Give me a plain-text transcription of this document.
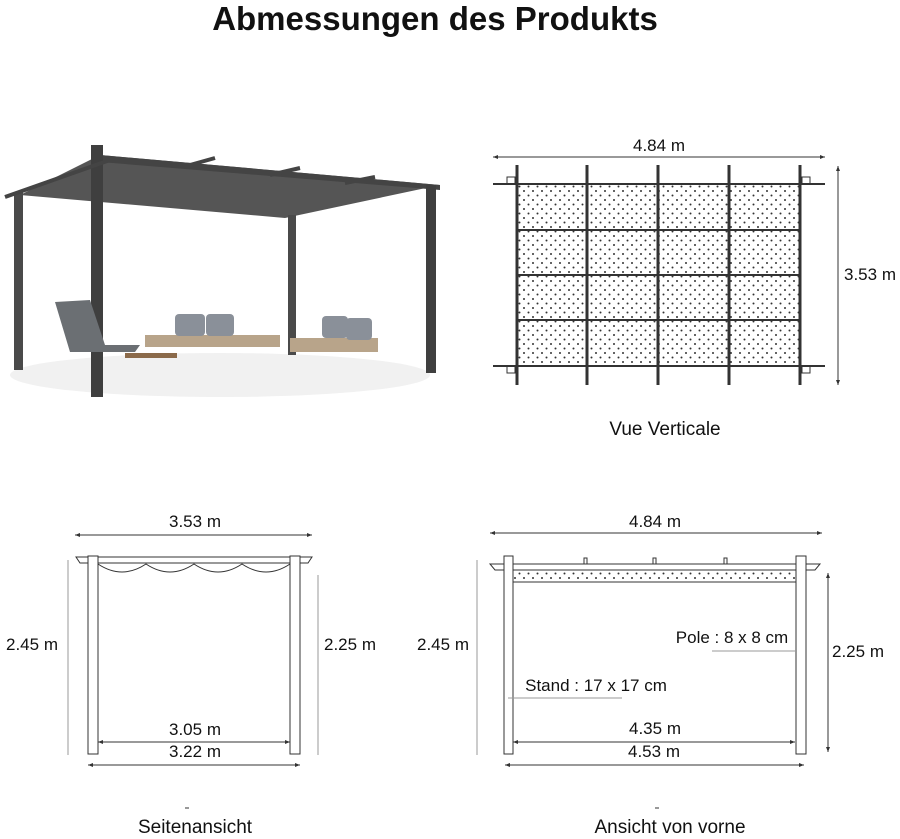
Abmessungen des Produkts
4.84 m
3.53 m
Vue Verticale
3.53 m
2.45 m	2.25 m
3.05 m
3.22 m
Seitenansicht
4.84 m
2.45 m	2.25 m
Pole : 8 x 8 cm
Stand : 17 x 17 cm
4.35 m
4.53 m
Ansicht von vorne
